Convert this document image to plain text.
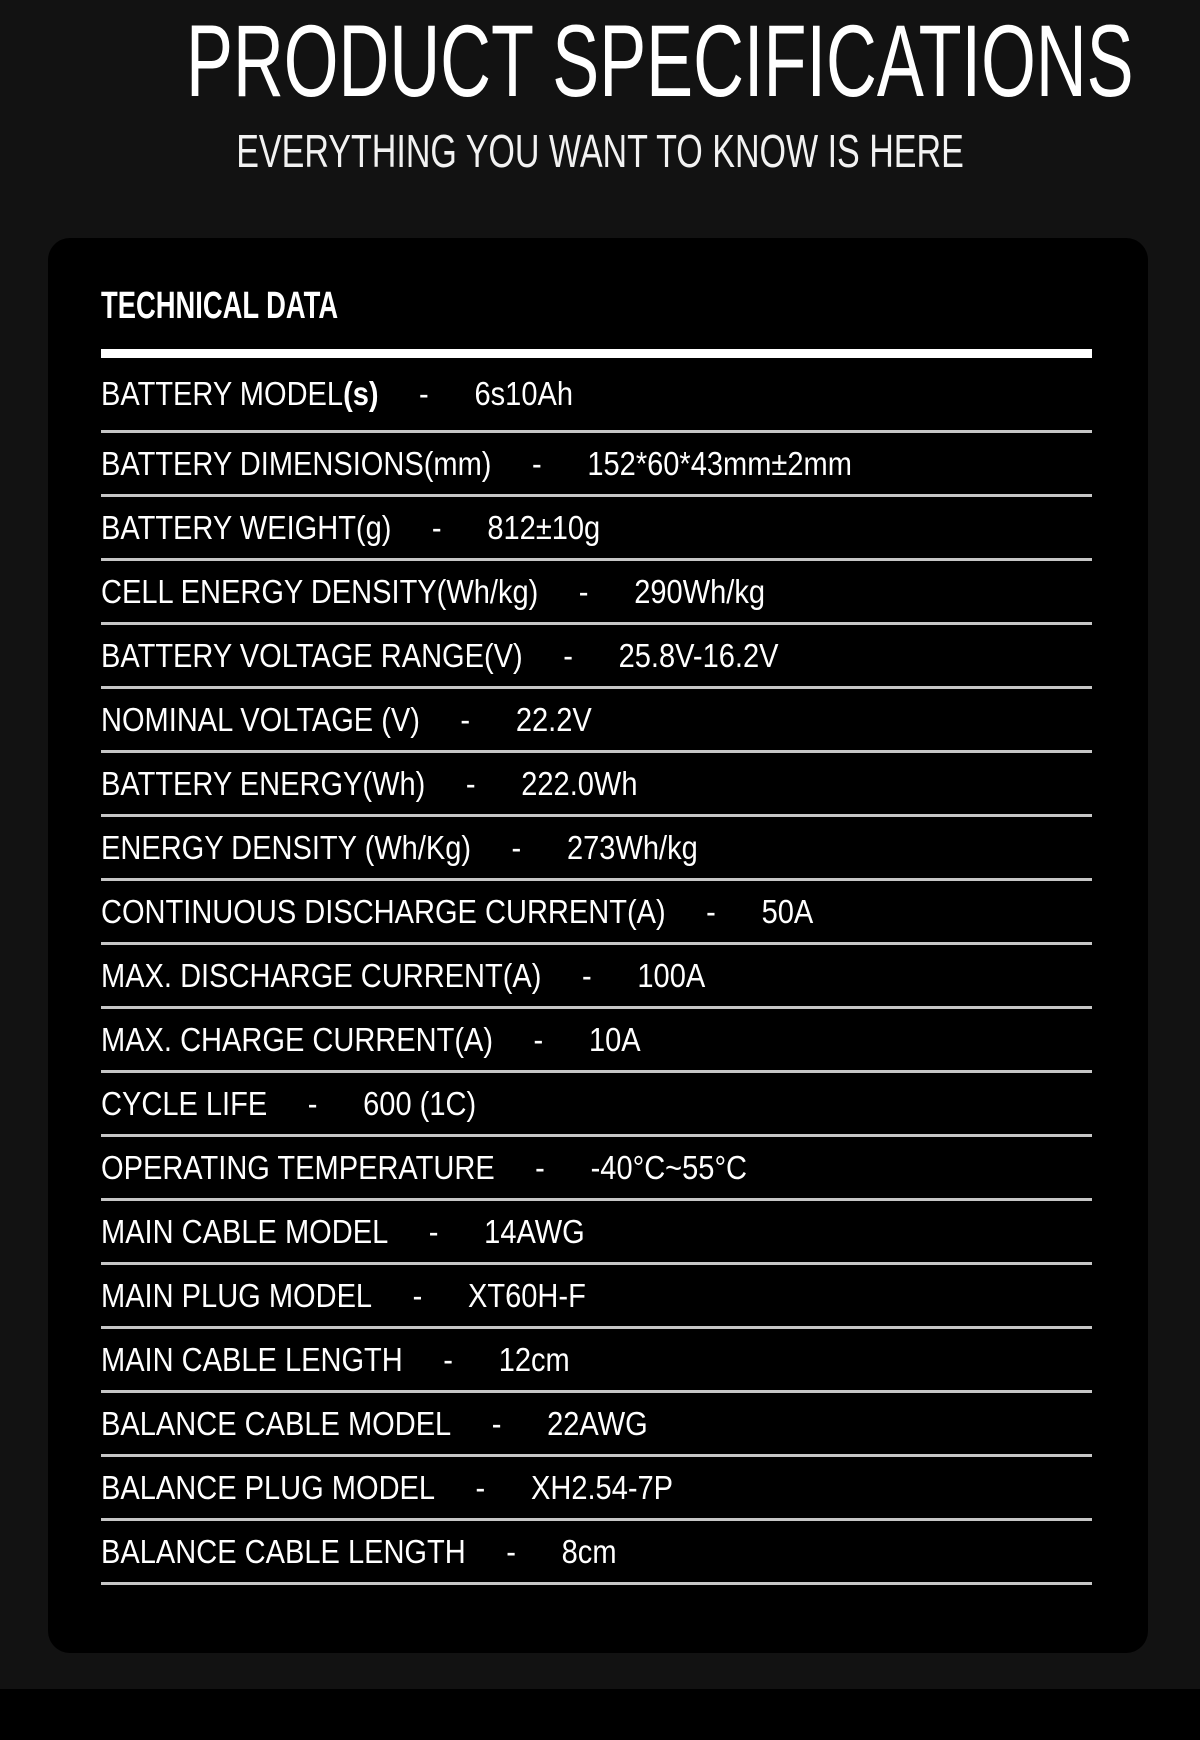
PRODUCT SPECIFICATIONS

EVERYTHING YOU WANT TO KNOW IS HERE

TECHNICAL DATA
BATTERY MODEL (s) - 6s10Ah
BATTERY DIMENSIONS(mm) - 152*60*43mm±2mm
BATTERY WEIGHT(g) - 812±10g
CELL ENERGY DENSITY(Wh/kg) - 290Wh/kg
BATTERY VOLTAGE RANGE(V) - 25.8V-16.2V
NOMINAL VOLTAGE (V) - 22.2V
BATTERY ENERGY(Wh) - 222.0Wh
ENERGY DENSITY (Wh/Kg) - 273Wh/kg
CONTINUOUS DISCHARGE CURRENT(A) - 50A
MAX. DISCHARGE CURRENT(A) - 100A
MAX. CHARGE CURRENT(A) - 10A
CYCLE LIFE - 600 (1C)
OPERATING TEMPERATURE - -40°C~55°C
MAIN CABLE MODEL - 14AWG
MAIN PLUG MODEL - XT60H-F
MAIN CABLE LENGTH - 12cm
BALANCE CABLE MODEL - 22AWG
BALANCE PLUG MODEL - XH2.54-7P
BALANCE CABLE LENGTH - 8cm
